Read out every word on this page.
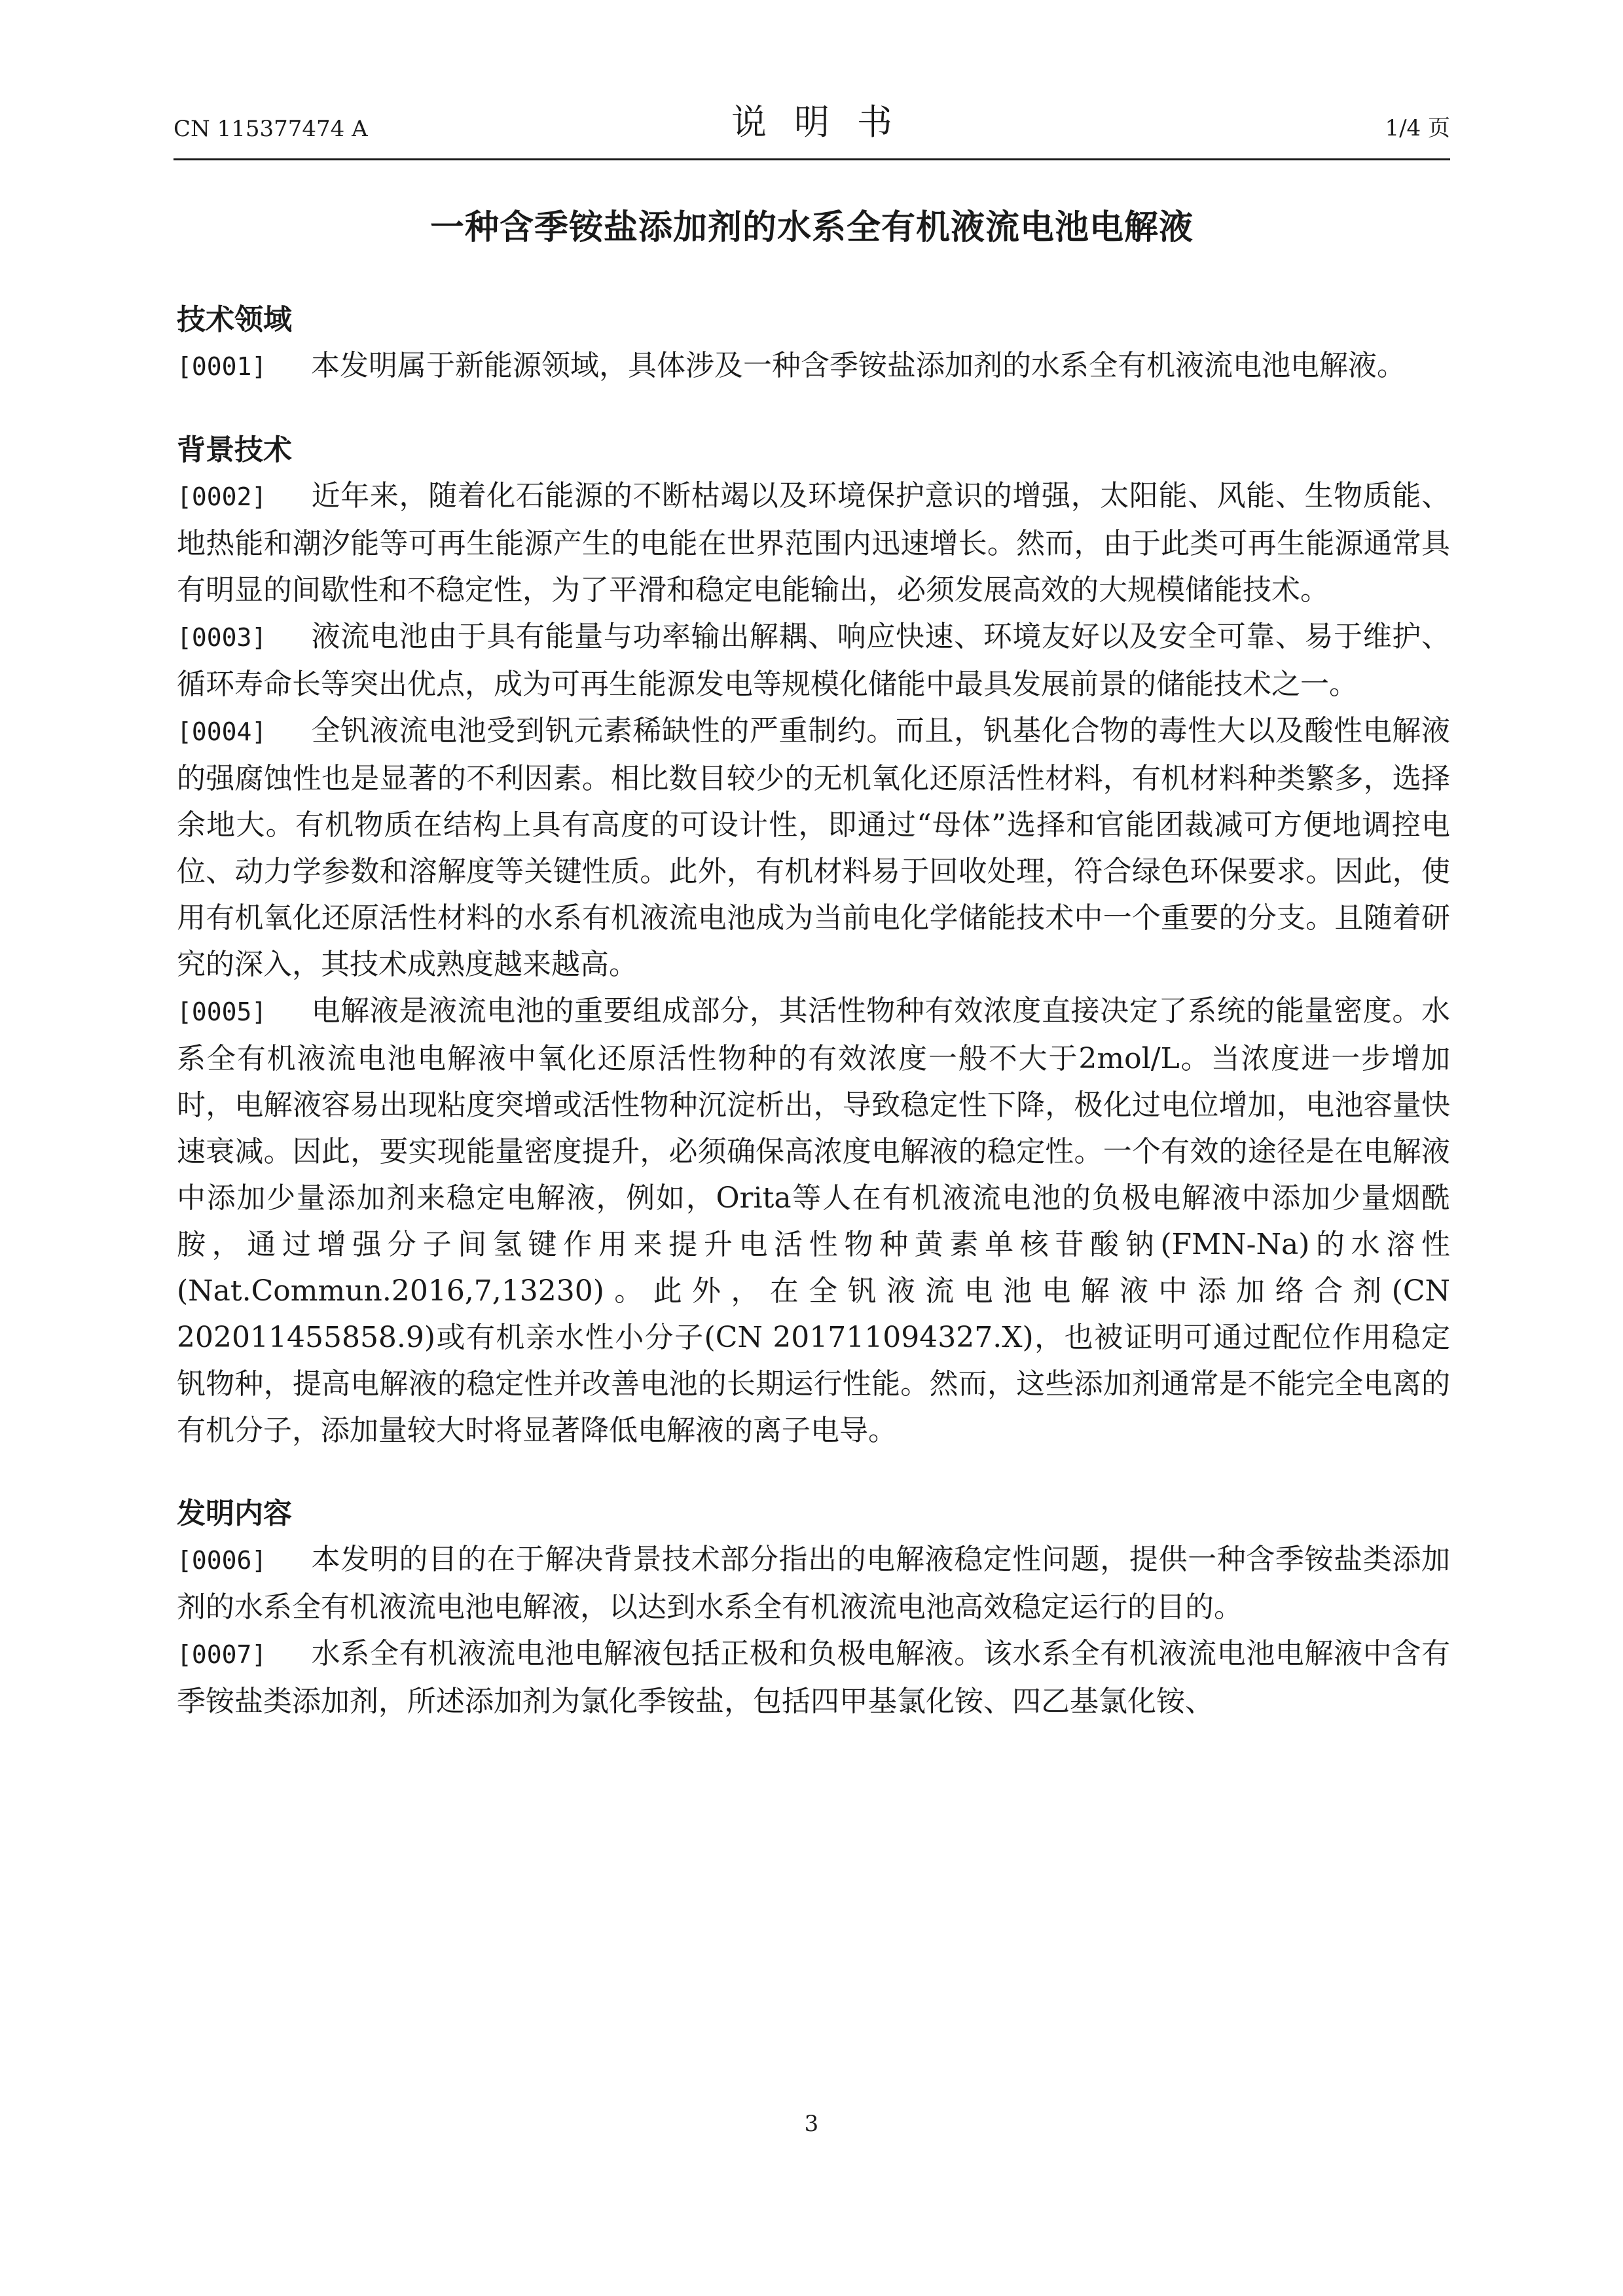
CN 115377474 A	说明书	1/4 页
一种含季铵盐添加剂的水系全有机液流电池电解液
技术领域

[0001] 本发明属于新能源领域，具体涉及一种含季铵盐添加剂的水系全有机液流电池电解液。

背景技术

[0002] 近年来，随着化石能源的不断枯竭以及环境保护意识的增强，太阳能、风能、生物质能、地热能和潮汐能等可再生能源产生的电能在世界范围内迅速增长。然而，由于此类可再生能源通常具有明显的间歇性和不稳定性，为了平滑和稳定电能输出，必须发展高效的大规模储能技术。

[0003] 液流电池由于具有能量与功率输出解耦、响应快速、环境友好以及安全可靠、易于维护、循环寿命长等突出优点，成为可再生能源发电等规模化储能中最具发展前景的储能技术之一。

[0004] 全钒液流电池受到钒元素稀缺性的严重制约。而且，钒基化合物的毒性大以及酸性电解液的强腐蚀性也是显著的不利因素。相比数目较少的无机氧化还原活性材料，有机材料种类繁多，选择余地大。有机物质在结构上具有高度的可设计性，即通过“母体”选择和官能团裁减可方便地调控电位、动力学参数和溶解度等关键性质。此外，有机材料易于回收处理，符合绿色环保要求。因此，使用有机氧化还原活性材料的水系有机液流电池成为当前电化学储能技术中一个重要的分支。且随着研究的深入，其技术成熟度越来越高。

[0005] 电解液是液流电池的重要组成部分，其活性物种有效浓度直接决定了系统的能量密度。水系全有机液流电池电解液中氧化还原活性物种的有效浓度一般不大于2mol/L。当浓度进一步增加时，电解液容易出现粘度突增或活性物种沉淀析出，导致稳定性下降，极化过电位增加，电池容量快速衰减。因此，要实现能量密度提升，必须确保高浓度电解液的稳定性。一个有效的途径是在电解液中添加少量添加剂来稳定电解液，例如，Orita等人在有机液流电池的负极电解液中添加少量烟酰胺，通过增强分子间氢键作用来提升电活性物种黄素单核苷酸钠(FMN-Na)的水溶性(Nat.Commun.2016,7,13230)。此外，在全钒液流电池电解液中添加络合剂(CN 202011455858.9)或有机亲水性小分子(CN 201711094327.X)，也被证明可通过配位作用稳定钒物种，提高电解液的稳定性并改善电池的长期运行性能。然而，这些添加剂通常是不能完全电离的有机分子，添加量较大时将显著降低电解液的离子电导。

发明内容

[0006] 本发明的目的在于解决背景技术部分指出的电解液稳定性问题，提供一种含季铵盐类添加剂的水系全有机液流电池电解液，以达到水系全有机液流电池高效稳定运行的目的。

[0007] 水系全有机液流电池电解液包括正极和负极电解液。该水系全有机液流电池电解液中含有季铵盐类添加剂，所述添加剂为氯化季铵盐，包括四甲基氯化铵、四乙基氯化铵、

3
